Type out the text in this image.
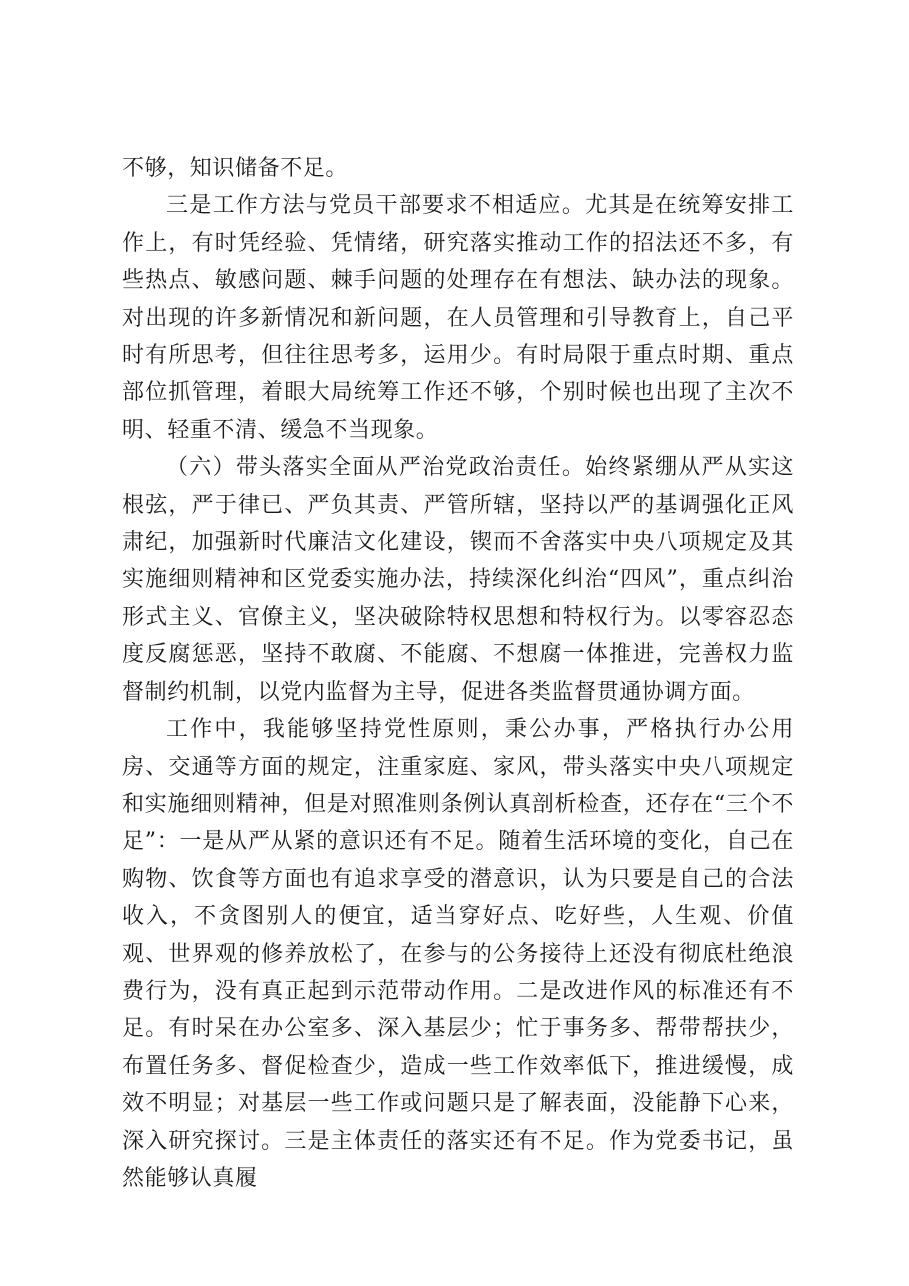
不够，知识储备不足。

三是工作方法与党员干部要求不相适应。尤其是在统筹安排工作上，有时凭经验、凭情绪，研究落实推动工作的招法还不多，有些热点、敏感问题、棘手问题的处理存在有想法、缺办法的现象。对出现的许多新情况和新问题，在人员管理和引导教育上，自己平时有所思考，但往往思考多，运用少。有时局限于重点时期、重点部位抓管理，着眼大局统筹工作还不够，个别时候也出现了主次不明、轻重不清、缓急不当现象。

（六）带头落实全面从严治党政治责任。始终紧绷从严从实这根弦，严于律已、严负其责、严管所辖，坚持以严的基调强化正风肃纪，加强新时代廉洁文化建设，锲而不舍落实中央八项规定及其实施细则精神和区党委实施办法，持续深化纠治“四风”，重点纠治形式主义、官僚主义，坚决破除特权思想和特权行为。以零容忍态度反腐惩恶，坚持不敢腐、不能腐、不想腐一体推进，完善权力监督制约机制，以党内监督为主导，促进各类监督贯通协调方面。

工作中，我能够坚持党性原则，秉公办事，严格执行办公用房、交通等方面的规定，注重家庭、家风，带头落实中央八项规定和实施细则精神，但是对照准则条例认真剖析检查，还存在“三个不足”：一是从严从紧的意识还有不足。随着生活环境的变化，自己在购物、饮食等方面也有追求享受的潜意识，认为只要是自己的合法收入，不贪图别人的便宜，适当穿好点、吃好些，人生观、价值观、世界观的修养放松了，在参与的公务接待上还没有彻底杜绝浪费行为，没有真正起到示范带动作用。二是改进作风的标准还有不足。有时呆在办公室多、深入基层少；忙于事务多、帮带帮扶少，布置任务多、督促检查少，造成一些工作效率低下，推进缓慢，成效不明显；对基层一些工作或问题只是了解表面，没能静下心来，深入研究探讨。三是主体责任的落实还有不足。作为党委书记，虽然能够认真履
